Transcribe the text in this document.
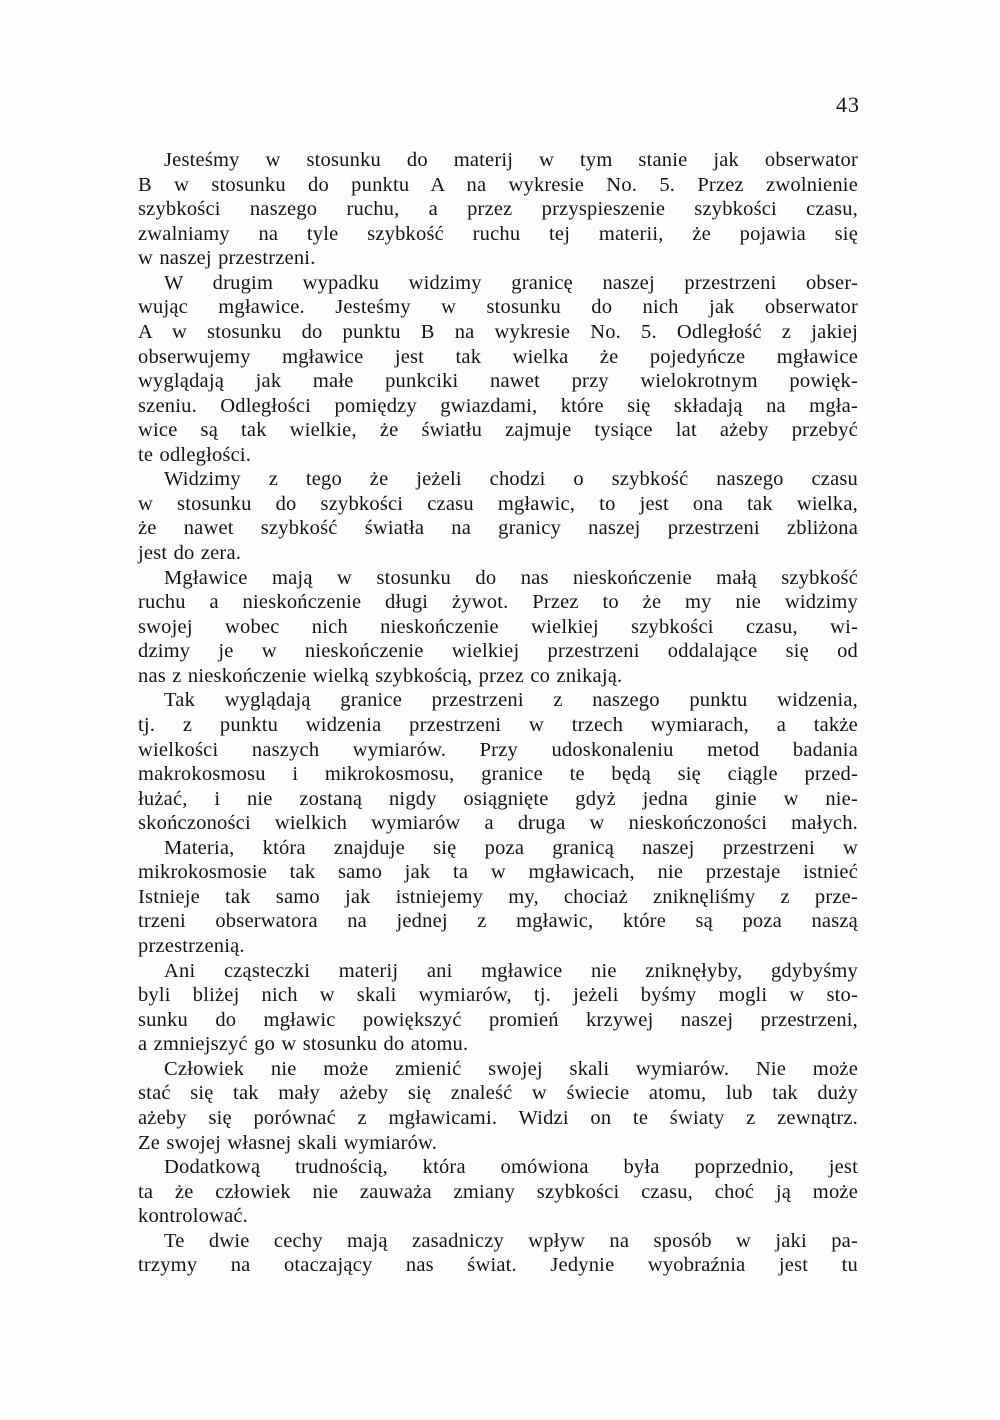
43
Jesteśmy w stosunku do materij w tym stanie jak obserwator
B w stosunku do punktu A na wykresie No. 5. Przez zwolnienie
szybkości naszego ruchu, a przez przyspieszenie szybkości czasu,
zwalniamy na tyle szybkość ruchu tej materii, że pojawia się
w naszej przestrzeni.
W drugim wypadku widzimy granicę naszej przestrzeni obser-
wując mgławice. Jesteśmy w stosunku do nich jak obserwator
A w stosunku do punktu B na wykresie No. 5. Odległość z jakiej
obserwujemy mgławice jest tak wielka że pojedyńcze mgławice
wyglądają jak małe punkciki nawet przy wielokrotnym powięk-
szeniu. Odległości pomiędzy gwiazdami, które się składają na mgła-
wice są tak wielkie, że światłu zajmuje tysiące lat ażeby przebyć
te odległości.
Widzimy z tego że jeżeli chodzi o szybkość naszego czasu
w stosunku do szybkości czasu mgławic, to jest ona tak wielka,
że nawet szybkość światła na granicy naszej przestrzeni zbliżona
jest do zera.
Mgławice mają w stosunku do nas nieskończenie małą szybkość
ruchu a nieskończenie długi żywot. Przez to że my nie widzimy
swojej wobec nich nieskończenie wielkiej szybkości czasu, wi-
dzimy je w nieskończenie wielkiej przestrzeni oddalające się od
nas z nieskończenie wielką szybkością, przez co znikają.
Tak wyglądają granice przestrzeni z naszego punktu widzenia,
tj. z punktu widzenia przestrzeni w trzech wymiarach, a także
wielkości naszych wymiarów. Przy udoskonaleniu metod badania
makrokosmosu i mikrokosmosu, granice te będą się ciągle przed-
łużać, i nie zostaną nigdy osiągnięte gdyż jedna ginie w nie-
skończoności wielkich wymiarów a druga w nieskończoności małych.
Materia, która znajduje się poza granicą naszej przestrzeni w
mikrokosmosie tak samo jak ta w mgławicach, nie przestaje istnieć
Istnieje tak samo jak istniejemy my, chociaż zniknęliśmy z prze-
trzeni obserwatora na jednej z mgławic, które są poza naszą
przestrzenią.
Ani cząsteczki materij ani mgławice nie zniknęłyby, gdybyśmy
byli bliżej nich w skali wymiarów, tj. jeżeli byśmy mogli w sto-
sunku do mgławic powiększyć promień krzywej naszej przestrzeni,
a zmniejszyć go w stosunku do atomu.
Człowiek nie może zmienić swojej skali wymiarów. Nie może
stać się tak mały ażeby się znaleść w świecie atomu, lub tak duży
ażeby się porównać z mgławicami. Widzi on te światy z zewnątrz.
Ze swojej własnej skali wymiarów.
Dodatkową trudnością, która omówiona była poprzednio, jest
ta że człowiek nie zauważa zmiany szybkości czasu, choć ją może
kontrolować.
Te dwie cechy mają zasadniczy wpływ na sposób w jaki pa-
trzymy na otaczający nas świat. Jedynie wyobraźnia jest tu
